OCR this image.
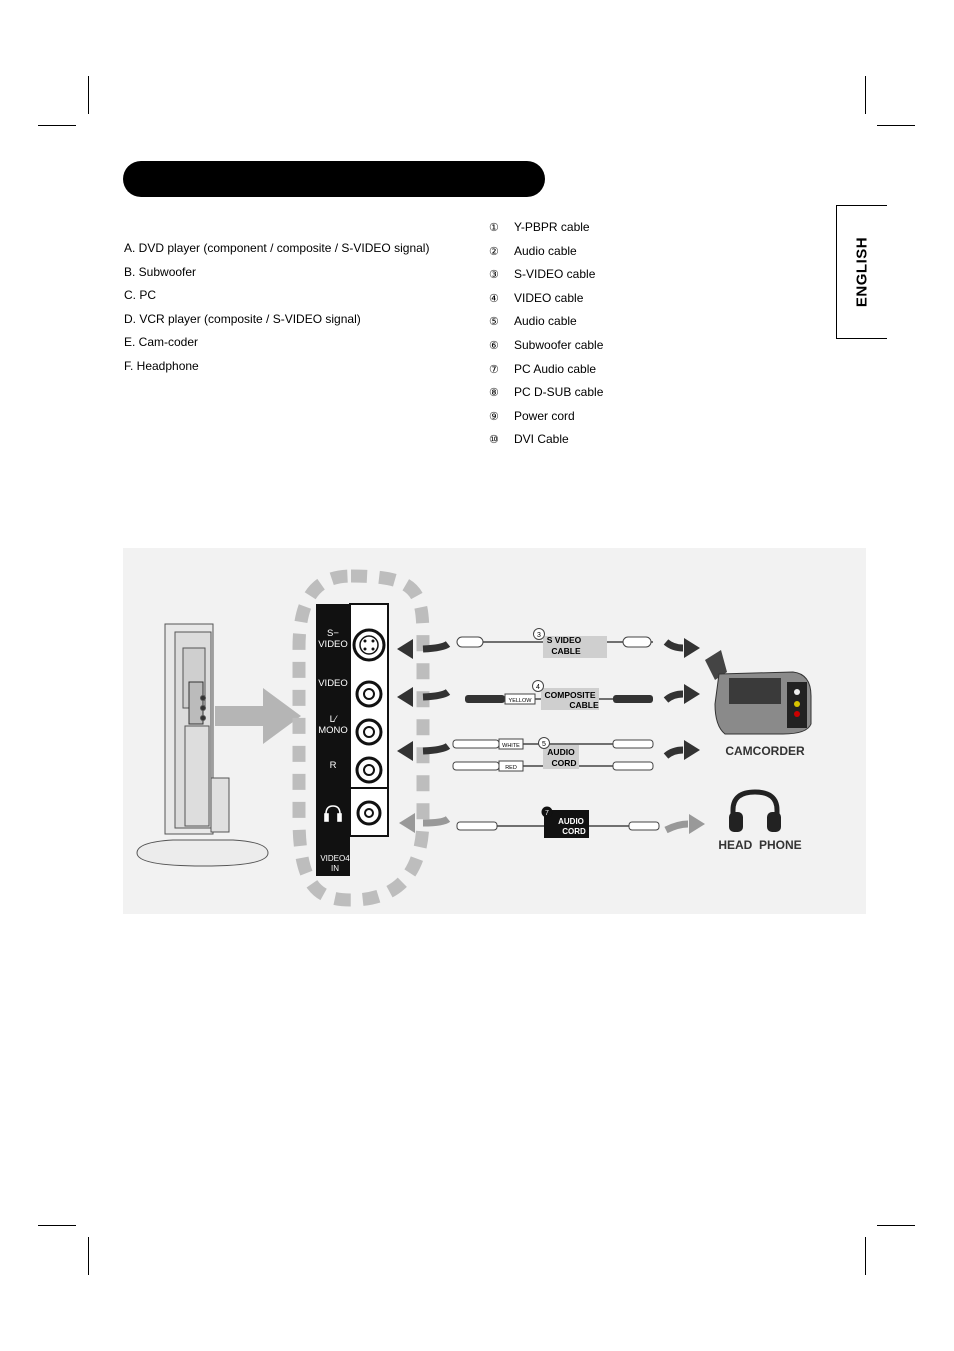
ENGLISH
A. DVD player (component / composite / S-VIDEO signal)
B. Subwoofer
C. PC
D. VCR player (composite / S-VIDEO signal)
E. Cam-coder
F. Headphone
① Y-PBPR cable
② Audio cable
③ S-VIDEO cable
④ VIDEO cable
⑤ Audio cable
⑥ Subwoofer cable
⑦ PC Audio cable
⑧ PC D-SUB cable
⑨ Power cord
⑩ DVI Cable
S−
VIDEO
VIDEO
L∕
MONO
R
VIDEO4
IN
3 S VIDEO
CABLE
YELLOW
4
COMPOSITE
CABLE
WHITE
RED
5
AUDIO
CORD
7
AUDIO
CORD
CAMCORDER
HEAD  PHONE
